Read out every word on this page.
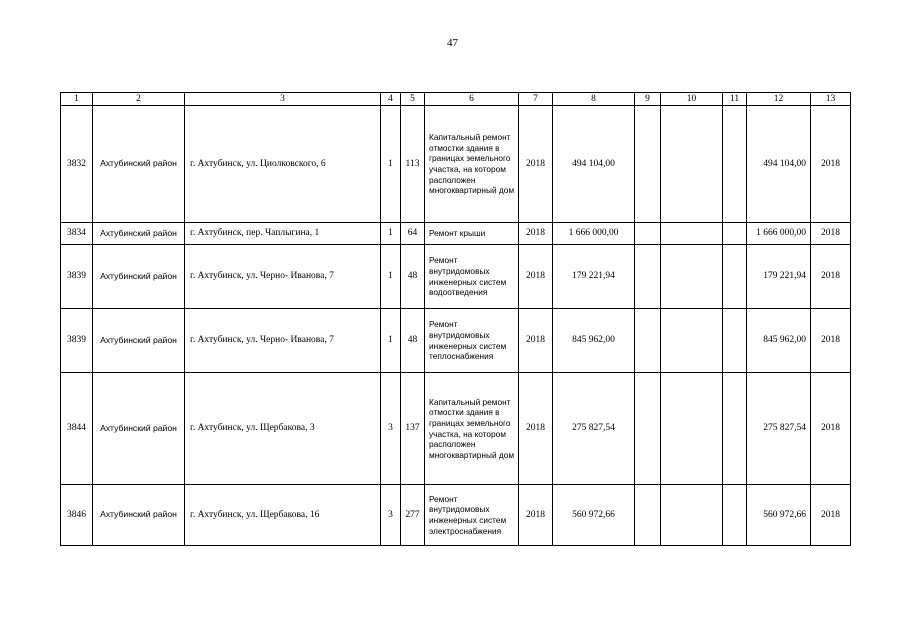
47
1	2	3	4	5	6	7	8	9	10	11	12	13
3832	Ахтубинский район	г. Ахтубинск, ул. Циолковского, 6	1	113	Капитальный ремонт отмостки здания в границах земельного участка, на котором расположен многоквартирный дом	2018	494 104,00				494 104,00	2018
3834	Ахтубинский район	г. Ахтубинск, пер. Чаплыгина, 1	1	64	Ремонт крыши	2018	1 666 000,00				1 666 000,00	2018
3839	Ахтубинский район	г. Ахтубинск, ул. Черно- Иванова, 7	1	48	Ремонт внутридомовых инженерных систем водоотведения	2018	179 221,94				179 221,94	2018
3839	Ахтубинский район	г. Ахтубинск, ул. Черно- Иванова, 7	1	48	Ремонт внутридомовых инженерных систем теплоснабжения	2018	845 962,00				845 962,00	2018
3844	Ахтубинский район	г. Ахтубинск, ул. Щербакова, 3	3	137	Капитальный ремонт отмостки здания в границах земельного участка, на котором расположен многоквартирный дом	2018	275 827,54				275 827,54	2018
3846	Ахтубинский район	г. Ахтубинск, ул. Щербакова, 16	3	277	Ремонт внутридомовых инженерных систем электроснабжения	2018	560 972,66				560 972,66	2018
